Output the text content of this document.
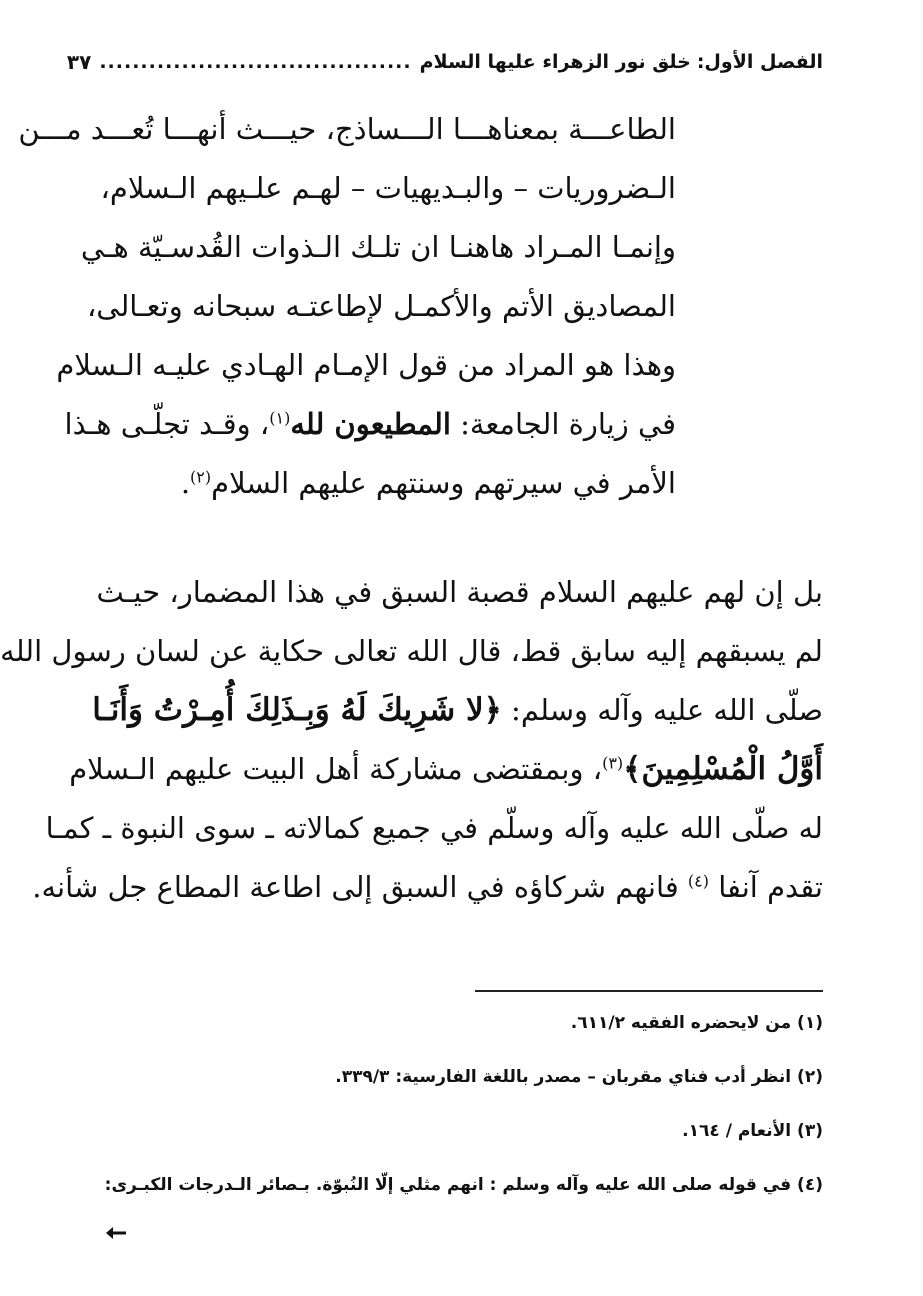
الفصل الأول:
خلق نور الزهراء عليها السلام
......................................
٣٧
الطاعـــة بمعناهـــا الـــساذج، حيـــث أنهـــا تُعـــد مـــن
الـضروريات – والبـديهيات – لهـم علـيهم الـسلام،
وإنمـا المـراد هاهنـا ان تلـك الـذوات القُدسـيّة هـي
المصاديق الأتم والأكمـل لإطاعتـه سبحانه وتعـالى،
وهذا هو المراد من قول الإمـام الهـادي عليـه الـسلام
في زيارة الجامعة: المطيعون لله$^{(١)}$، وقـد تجلّـى هـذا
الأمر في سيرتهم وسنتهم عليهم السلام$^{(٢)}$.
بل إن لهم عليهم السلام قصبة السبق في هذا المضمار، حيـث
لم يسبقهم إليه سابق قط، قال الله تعالى حكاية عن لسان رسول الله
صلّى الله عليه وآله وسلم: ﴿لا شَرِيكَ لَهُ وَبِـذَلِكَ أُمِـرْتُ وَأَنَـا
أَوَّلُ الْمُسْلِمِينَ﴾$^{(٣)}$، وبمقتضى مشاركة أهل البيت عليهم الـسلام
له صلّى الله عليه وآله وسلّم في جميع كمالاته ـ سوى النبوة ـ كمـا
تقدم آنفا $^{(٤)}$ فانهم شركاؤه في السبق إلى اطاعة المطاع جل شأنه.
(١) من لايحضره الفقيه ٦١١/٢.
(٢) انظر أدب فناي مقربان – مصدر باللغة الفارسية: ٣٣٩/٣.
(٣) الأنعام / ١٦٤.
(٤) في قوله صلى الله عليه وآله وسلم : انهم مثلي إلّا النُبوّة. بـصائر الـدرجات الكبـرى:
